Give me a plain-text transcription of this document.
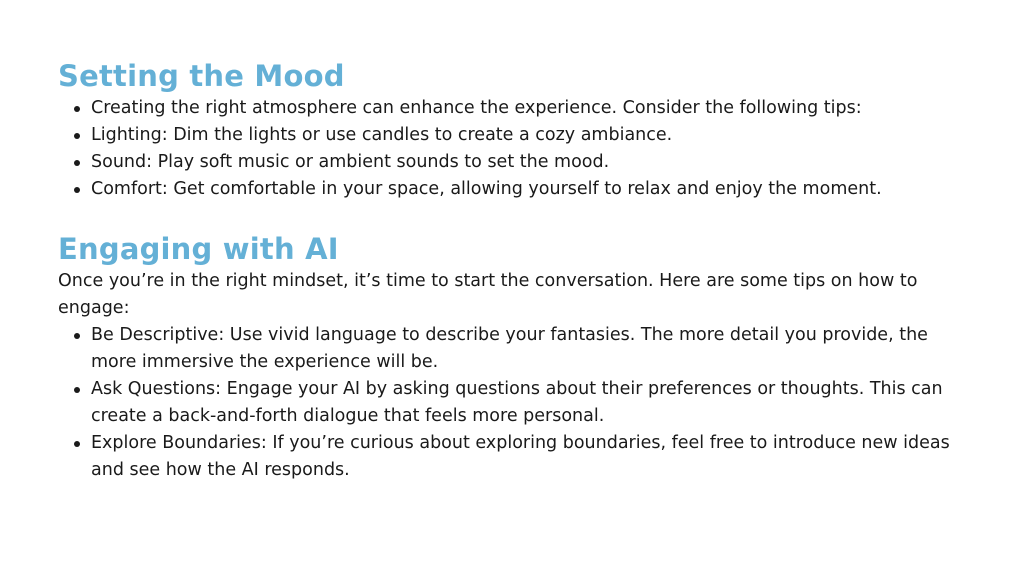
Setting the Mood
Creating the right atmosphere can enhance the experience. Consider the following tips:
Lighting: Dim the lights or use candles to create a cozy ambiance.
Sound: Play soft music or ambient sounds to set the mood.
Comfort: Get comfortable in your space, allowing yourself to relax and enjoy the moment.
Engaging with AI

Once you’re in the right mindset, it’s time to start the conversation. Here are some tips on how to engage:

Be Descriptive: Use vivid language to describe your fantasies. The more detail you provide, the more immersive the experience will be.
Ask Questions: Engage your AI by asking questions about their preferences or thoughts. This can create a back-and-forth dialogue that feels more personal.
Explore Boundaries: If you’re curious about exploring boundaries, feel free to introduce new ideas and see how the AI responds.
